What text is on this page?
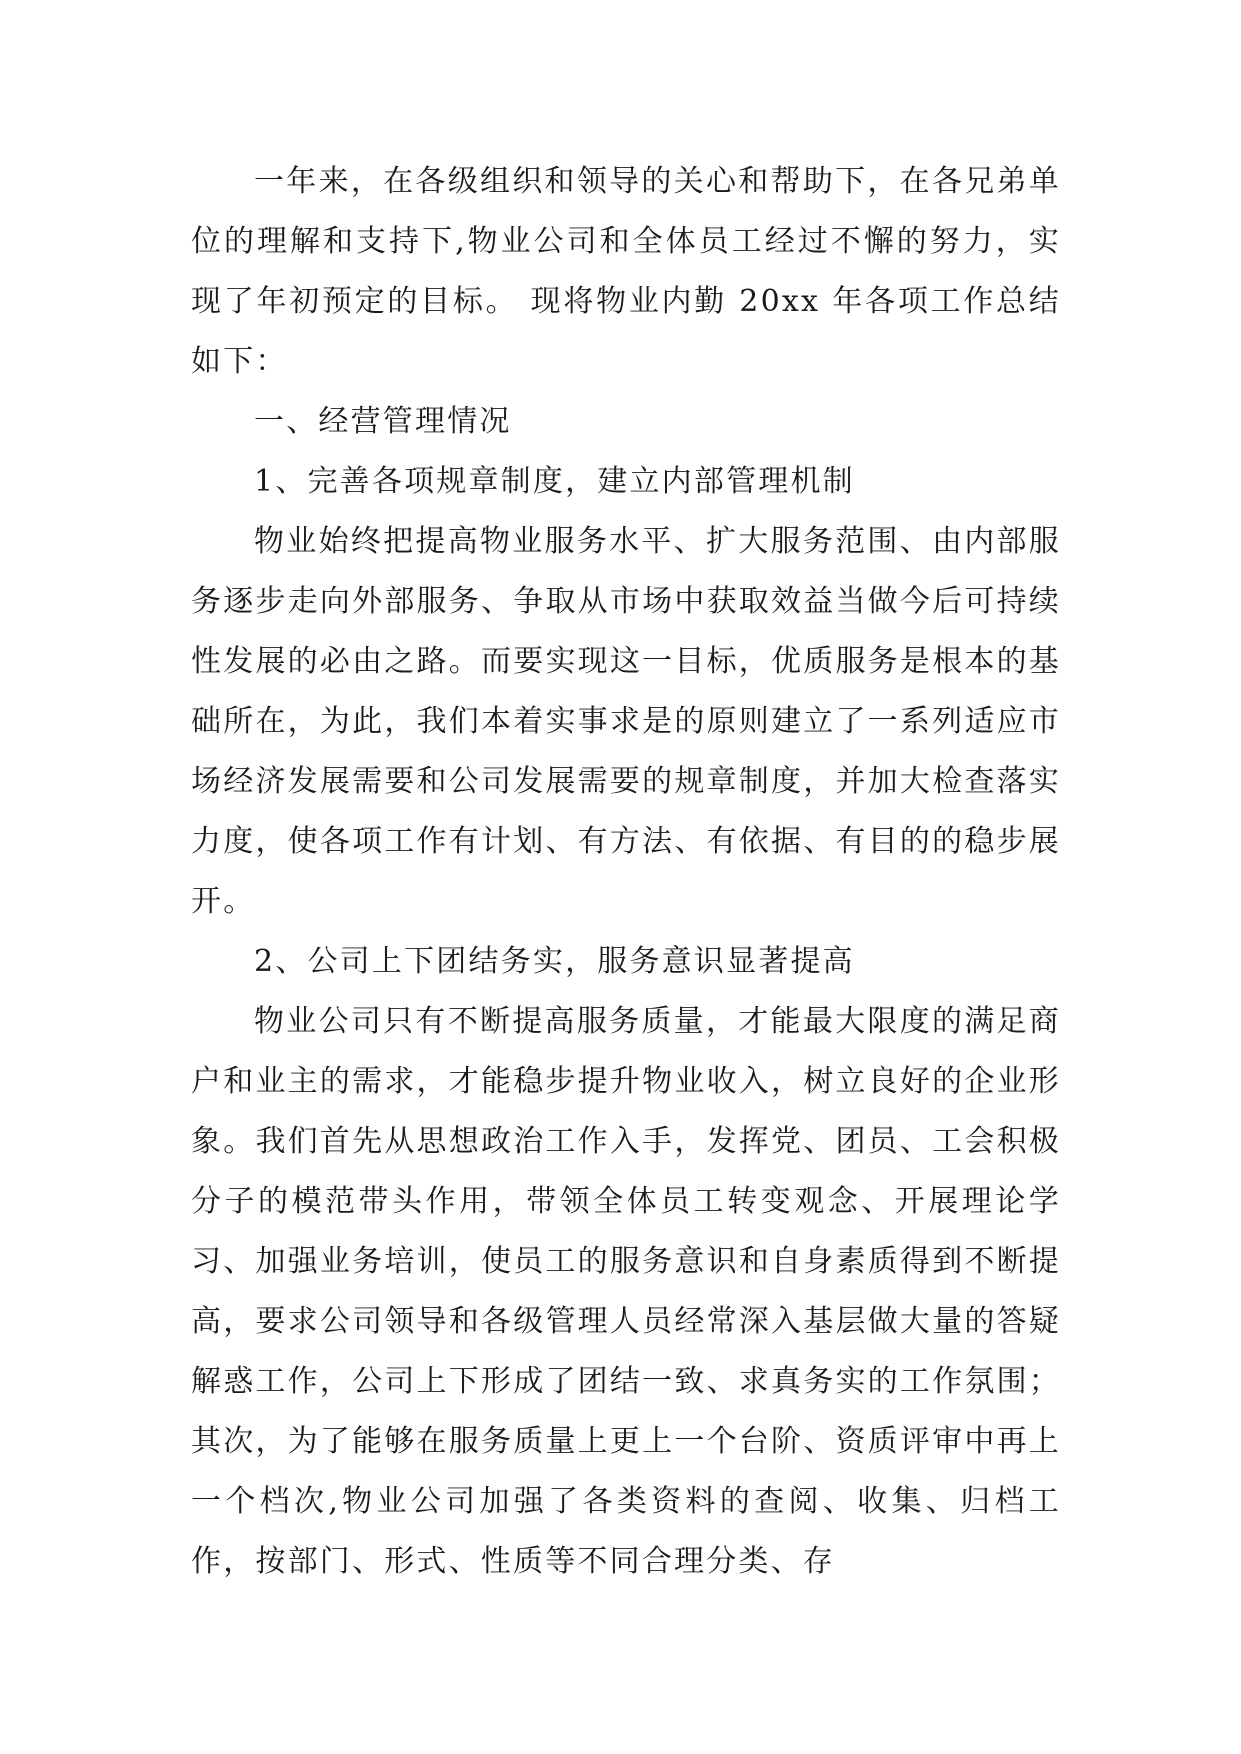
一年来，在各级组织和领导的关心和帮助下，在各兄弟单位的理解和支持下,物业公司和全体员工经过不懈的努力，实现了年初预定的目标。 现将物业内勤 20xx 年各项工作总结如下：

一、经营管理情况

1、完善各项规章制度，建立内部管理机制

物业始终把提高物业服务水平、扩大服务范围、由内部服务逐步走向外部服务、争取从市场中获取效益当做今后可持续性发展的必由之路。而要实现这一目标，优质服务是根本的基础所在，为此，我们本着实事求是的原则建立了一系列适应市场经济发展需要和公司发展需要的规章制度，并加大检查落实力度，使各项工作有计划、有方法、有依据、有目的的稳步展开。

2、公司上下团结务实，服务意识显著提高

物业公司只有不断提高服务质量，才能最大限度的满足商户和业主的需求，才能稳步提升物业收入，树立良好的企业形象。我们首先从思想政治工作入手，发挥党、团员、工会积极分子的模范带头作用，带领全体员工转变观念、开展理论学习、加强业务培训，使员工的服务意识和自身素质得到不断提高，要求公司领导和各级管理人员经常深入基层做大量的答疑解惑工作，公司上下形成了团结一致、求真务实的工作氛围；其次，为了能够在服务质量上更上一个台阶、资质评审中再上一个档次,物业公司加强了各类资料的查阅、收集、归档工作，按部门、形式、性质等不同合理分类、存
